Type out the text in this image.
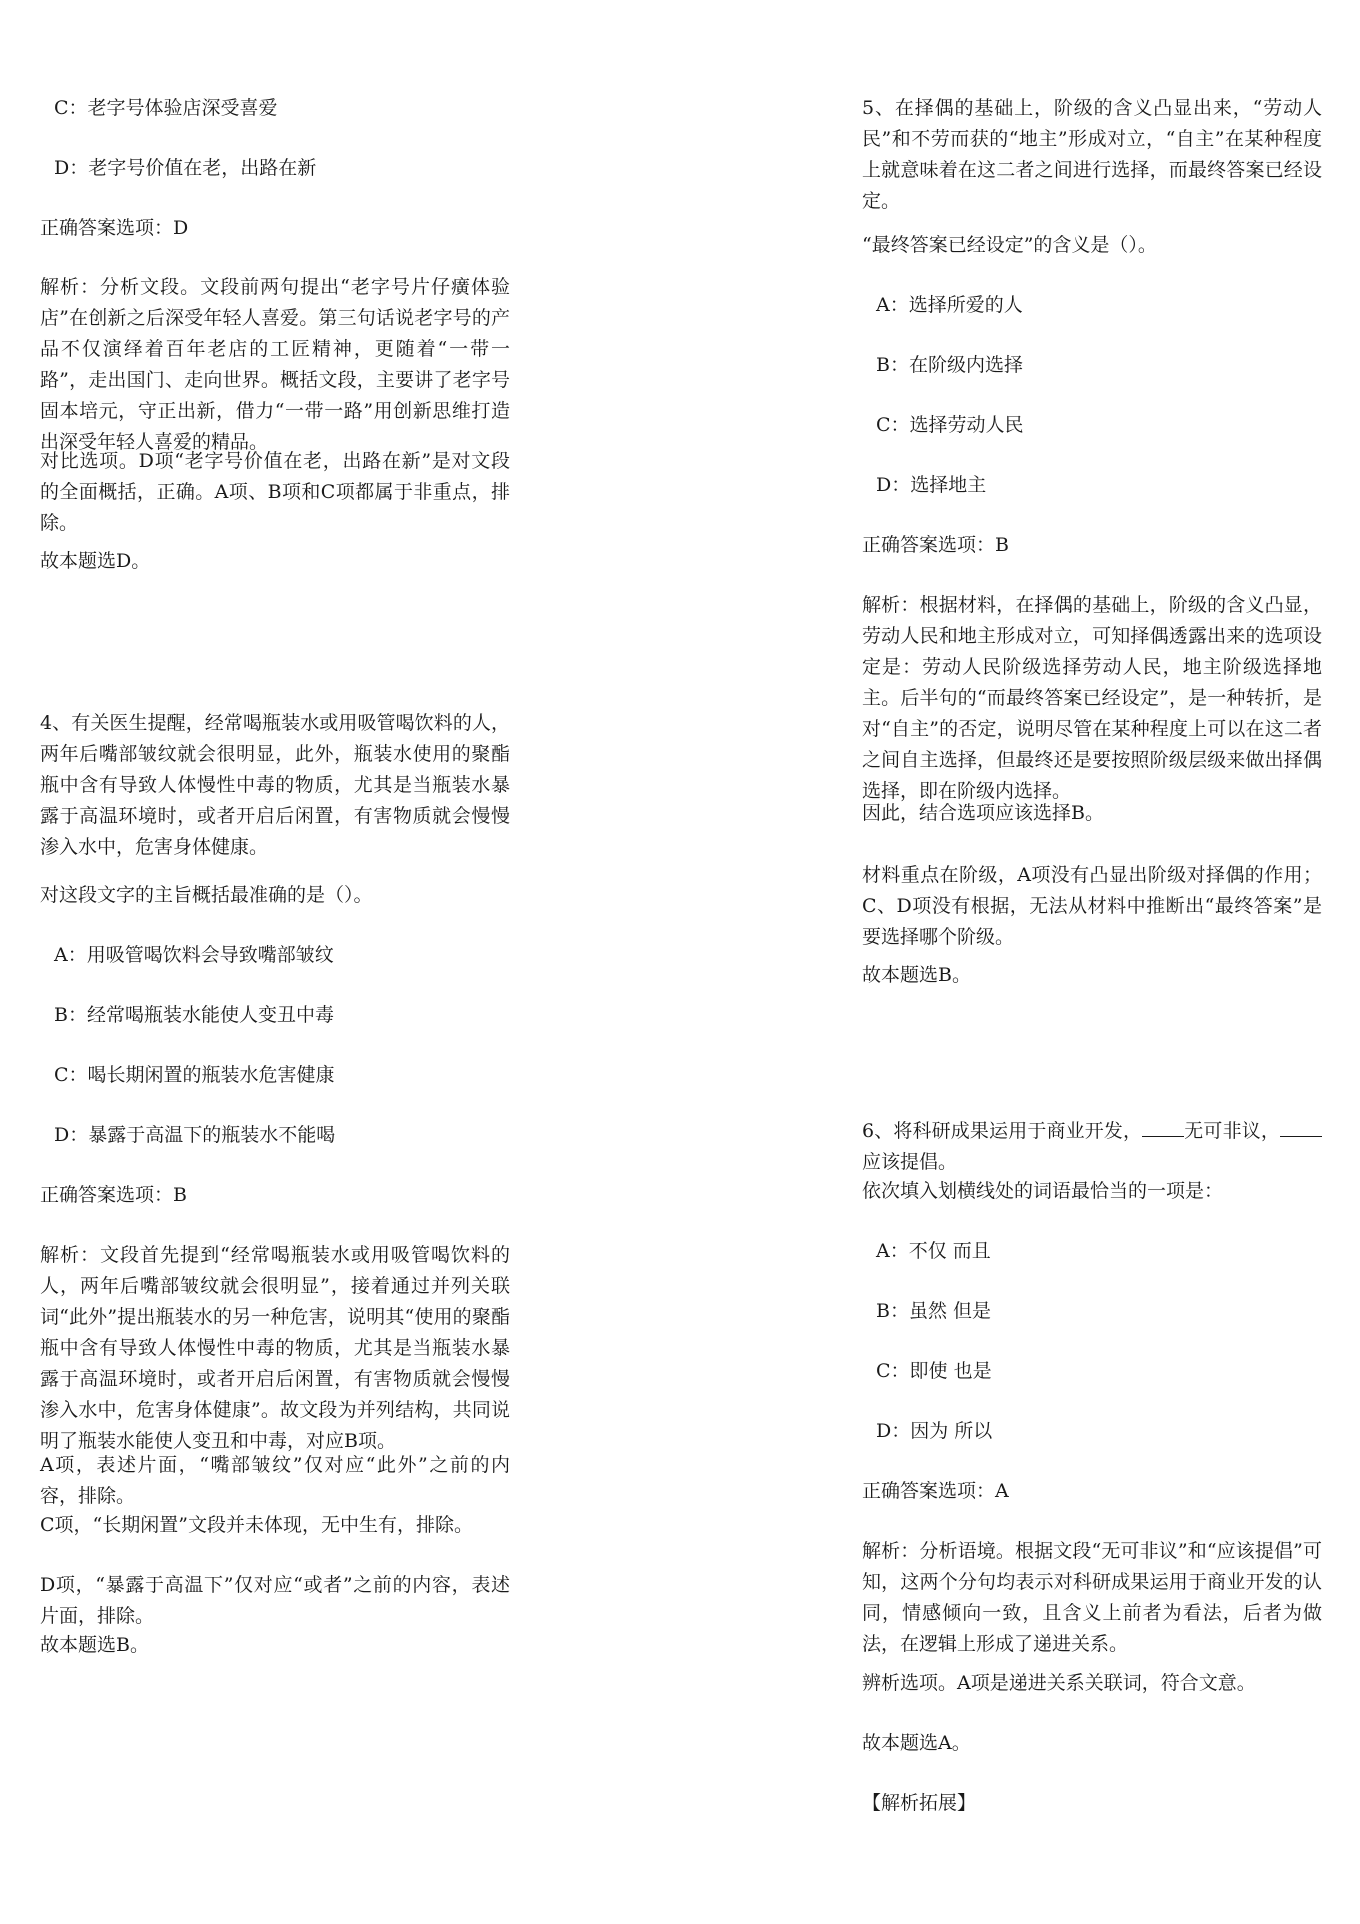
C：老字号体验店深受喜爱

D：老字号价值在老，出路在新

正确答案选项：D

解析：分析文段。文段前两句提出“老字号片仔癀体验店”在创新之后深受年轻人喜爱。第三句话说老字号的产品不仅演绎着百年老店的工匠精神，更随着“一带一路”，走出国门、走向世界。概括文段，主要讲了老字号固本培元，守正出新，借力“一带一路”用创新思维打造出深受年轻人喜爱的精品。

对比选项。D项“老字号价值在老，出路在新”是对文段的全面概括，正确。A项、B项和C项都属于非重点，排除。

故本题选D。

4、有关医生提醒，经常喝瓶装水或用吸管喝饮料的人，两年后嘴部皱纹就会很明显，此外，瓶装水使用的聚酯瓶中含有导致人体慢性中毒的物质，尤其是当瓶装水暴露于高温环境时，或者开启后闲置，有害物质就会慢慢渗入水中，危害身体健康。

对这段文字的主旨概括最准确的是（）。

A：用吸管喝饮料会导致嘴部皱纹

B：经常喝瓶装水能使人变丑中毒

C：喝长期闲置的瓶装水危害健康

D：暴露于高温下的瓶装水不能喝

正确答案选项：B

解析：文段首先提到“经常喝瓶装水或用吸管喝饮料的人，两年后嘴部皱纹就会很明显”，接着通过并列关联词“此外”提出瓶装水的另一种危害，说明其“使用的聚酯瓶中含有导致人体慢性中毒的物质，尤其是当瓶装水暴露于高温环境时，或者开启后闲置，有害物质就会慢慢渗入水中，危害身体健康”。故文段为并列结构，共同说明了瓶装水能使人变丑和中毒，对应B项。

A项，表述片面，“嘴部皱纹”仅对应“此外”之前的内容，排除。

C项，“长期闲置”文段并未体现，无中生有，排除。

D项，“暴露于高温下”仅对应“或者”之前的内容，表述片面，排除。

故本题选B。

5、在择偶的基础上，阶级的含义凸显出来，“劳动人民”和不劳而获的“地主”形成对立，“自主”在某种程度上就意味着在这二者之间进行选择，而最终答案已经设定。

“最终答案已经设定”的含义是（）。

A：选择所爱的人

B：在阶级内选择

C：选择劳动人民

D：选择地主

正确答案选项：B

解析：根据材料，在择偶的基础上，阶级的含义凸显，劳动人民和地主形成对立，可知择偶透露出来的选项设定是：劳动人民阶级选择劳动人民，地主阶级选择地主。后半句的“而最终答案已经设定”，是一种转折，是对“自主”的否定，说明尽管在某种程度上可以在这二者之间自主选择，但最终还是要按照阶级层级来做出择偶选择，即在阶级内选择。

因此，结合选项应该选择B。

材料重点在阶级，A项没有凸显出阶级对择偶的作用；C、D项没有根据，无法从材料中推断出“最终答案”是要选择哪个阶级。

故本题选B。

6、将科研成果运用于商业开发， 无可非议，应该提倡。

依次填入划横线处的词语最恰当的一项是：

A：不仅 而且

B：虽然 但是

C：即使 也是

D：因为 所以

正确答案选项：A

解析：分析语境。根据文段“无可非议”和“应该提倡”可知，这两个分句均表示对科研成果运用于商业开发的认同，情感倾向一致，且含义上前者为看法，后者为做法，在逻辑上形成了递进关系。

辨析选项。A项是递进关系关联词，符合文意。

故本题选A。

【解析拓展】
